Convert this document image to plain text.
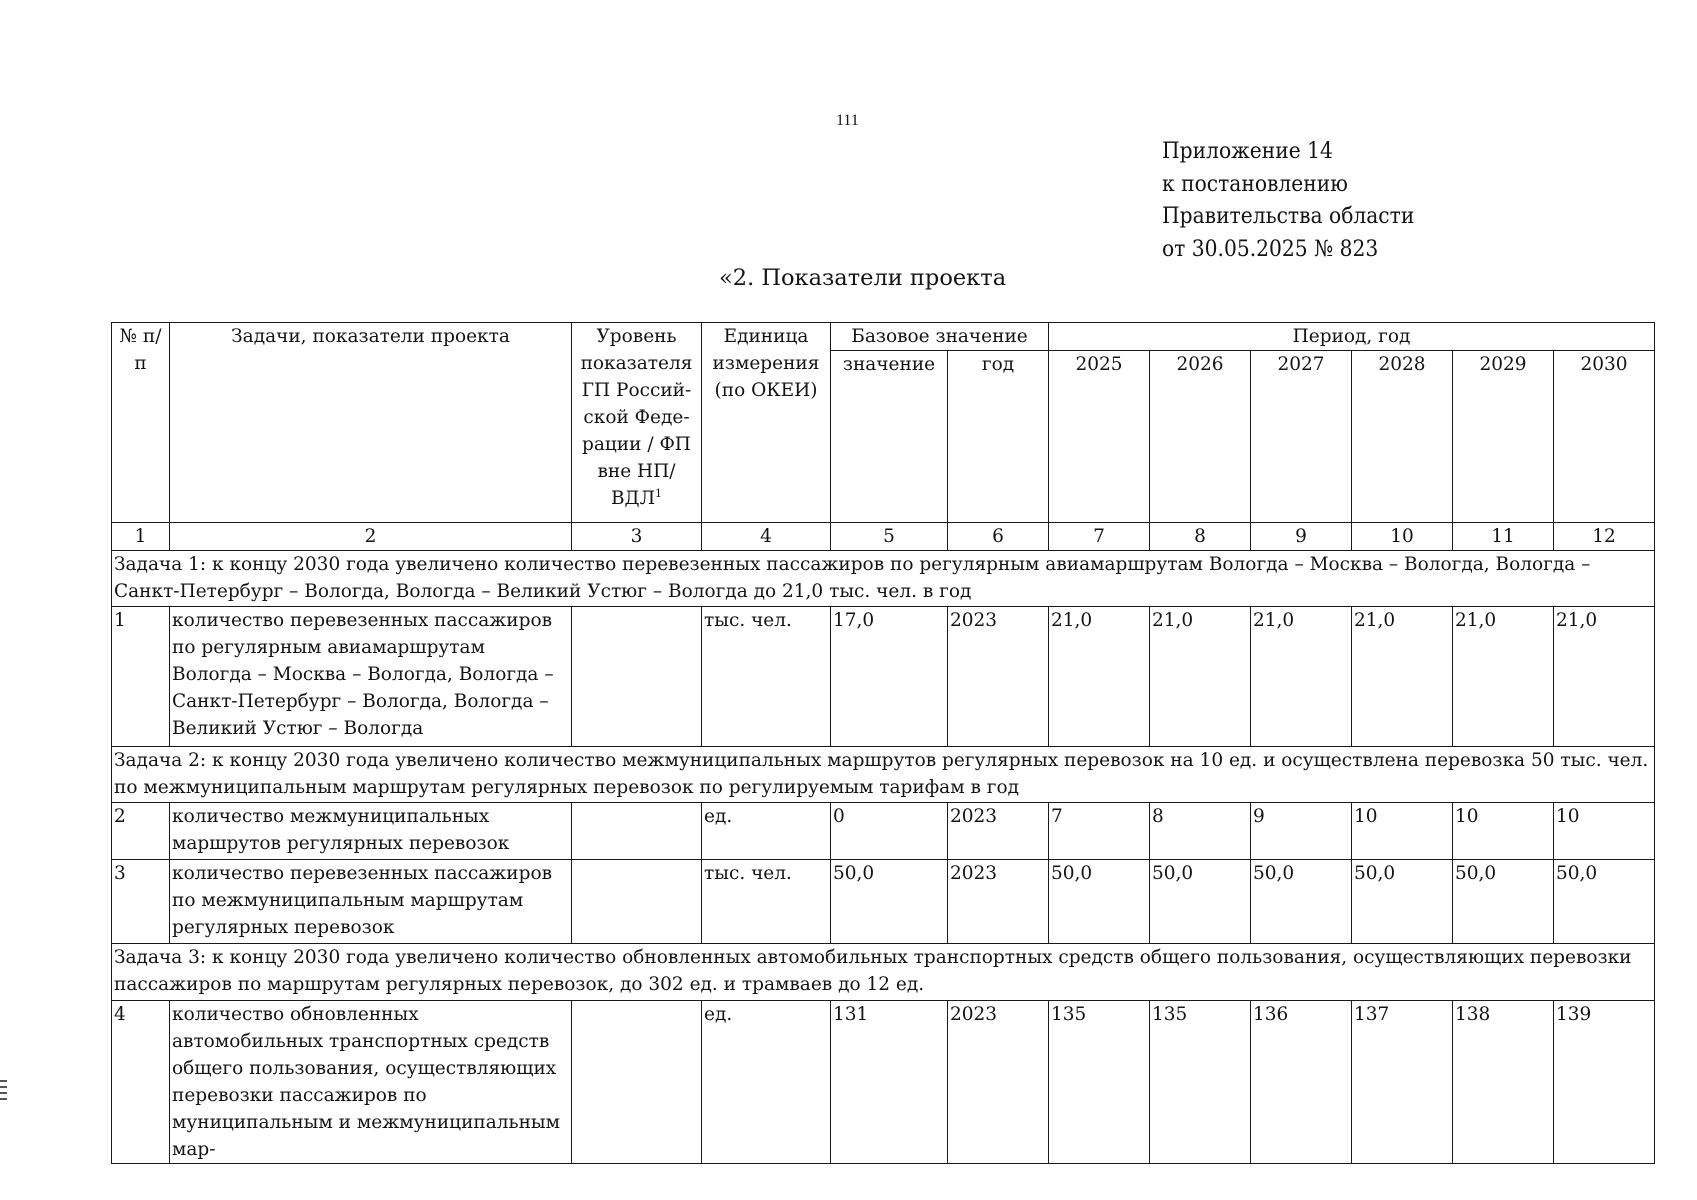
111
Приложение 14
к постановлению
Правительства области
от 30.05.2025 № 823
«2. Показатели проекта
№ п/п	Задачи, показатели проекта	Уровень показателя ГП Россий-ской Феде-рации / ФП вне НП/ВДЛ$^1$	Единица измерения (по ОКЕИ)	Базовое значение		Период, год					
				значение	год	2025	2026	2027	2028	2029	2030
1	2	3	4	5	6	7	8	9	10	11	12
Задача 1: к концу 2030 года увеличено количество перевезенных пассажиров по регулярным авиамаршрутам Вологда – Москва – Вологда, Вологда – Санкт-Петербург – Вологда, Вологда – Великий Устюг – Вологда до 21,0 тыс. чел. в год											
1	количество перевезенных пассажиров по регулярным авиамаршрутам Вологда – Москва – Вологда, Вологда – Санкт-Петербург – Вологда, Вологда – Великий Устюг – Вологда		тыс. чел.	17,0	2023	21,0	21,0	21,0	21,0	21,0	21,0
Задача 2: к концу 2030 года увеличено количество межмуниципальных маршрутов регулярных перевозок на 10 ед. и осуществлена перевозка 50 тыс. чел. по межмуниципальным маршрутам регулярных перевозок по регулируемым тарифам в год											
2	количество межмуниципальных маршрутов регулярных перевозок		ед.	0	2023	7	8	9	10	10	10
3	количество перевезенных пассажиров по межмуниципальным маршрутам регулярных перевозок		тыс. чел.	50,0	2023	50,0	50,0	50,0	50,0	50,0	50,0
Задача 3: к концу 2030 года увеличено количество обновленных автомобильных транспортных средств общего пользования, осуществляющих перевозки пассажиров по маршрутам регулярных перевозок, до 302 ед. и трамваев до 12 ед.											
4	количество обновленных автомобильных транспортных средств общего пользования, осуществляющих перевозки пассажиров по муниципальным и межмуниципальным мар-		ед.	131	2023	135	135	136	137	138	139
